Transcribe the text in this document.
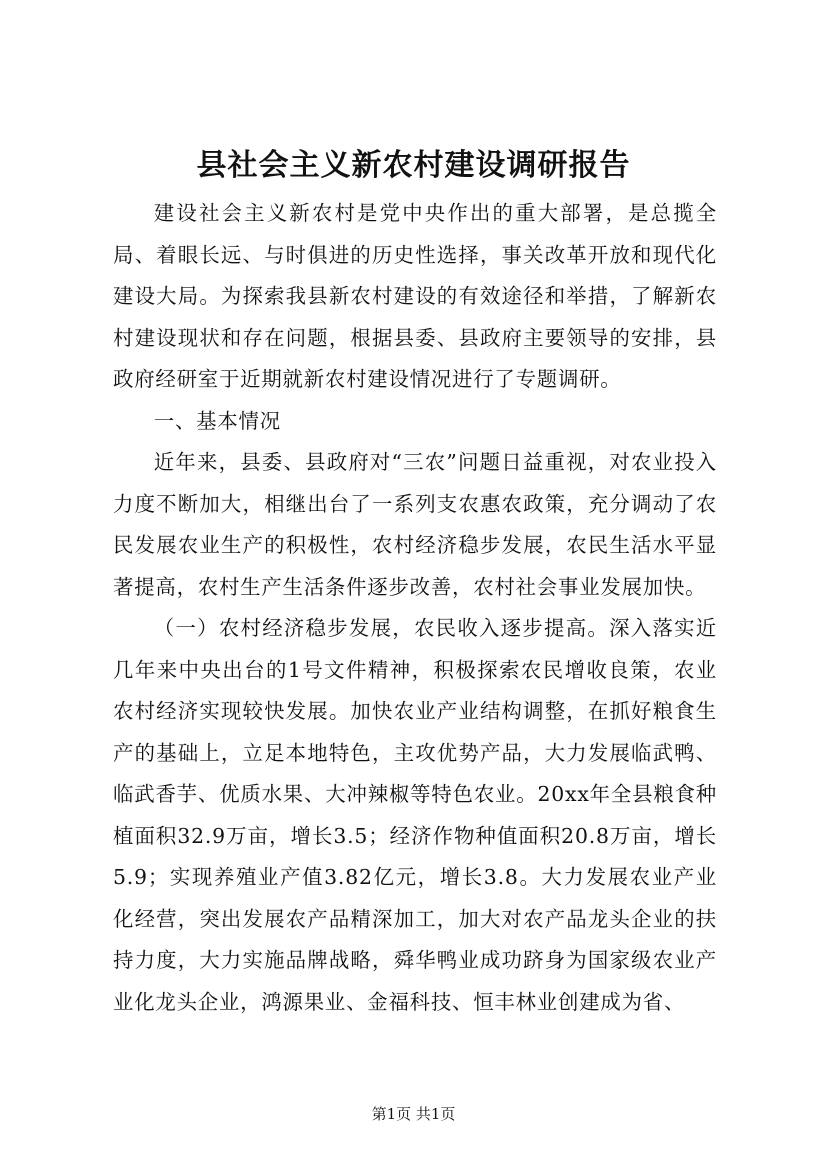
县社会主义新农村建设调研报告

建设社会主义新农村是党中央作出的重大部署，是总揽全局、着眼长远、与时俱进的历史性选择，事关改革开放和现代化建设大局。为探索我县新农村建设的有效途径和举措，了解新农村建设现状和存在问题，根据县委、县政府主要领导的安排，县政府经研室于近期就新农村建设情况进行了专题调研。

一、基本情况

近年来，县委、县政府对“三农”问题日益重视，对农业投入力度不断加大，相继出台了一系列支农惠农政策，充分调动了农民发展农业生产的积极性，农村经济稳步发展，农民生活水平显著提高，农村生产生活条件逐步改善，农村社会事业发展加快。

（一）农村经济稳步发展，农民收入逐步提高。深入落实近几年来中央出台的1号文件精神，积极探索农民增收良策，农业农村经济实现较快发展。加快农业产业结构调整，在抓好粮食生产的基础上，立足本地特色，主攻优势产品，大力发展临武鸭、临武香芋、优质水果、大冲辣椒等特色农业。20xx年全县粮食种植面积32.9万亩，增长3.5；经济作物种值面积20.8万亩，增长5.9；实现养殖业产值3.82亿元，增长3.8。大力发展农业产业化经营，突出发展农产品精深加工，加大对农产品龙头企业的扶持力度，大力实施品牌战略，舜华鸭业成功跻身为国家级农业产业化龙头企业，鸿源果业、金福科技、恒丰林业创建成为省、

第1页 共1页
